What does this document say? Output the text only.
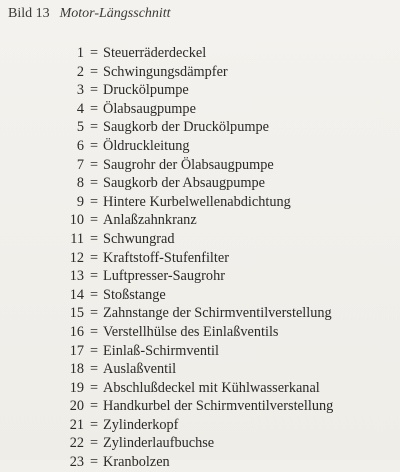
Bild 13 Motor-Längsschnitt
1 = Steuerräderdeckel
2 = Schwingungsdämpfer
3 = Druckölpumpe
4 = Ölabsaugpumpe
5 = Saugkorb der Druckölpumpe
6 = Öldruckleitung
7 = Saugrohr der Ölabsaugpumpe
8 = Saugkorb der Absaugpumpe
9 = Hintere Kurbelwellenabdichtung
10 = Anlaßzahnkranz
11 = Schwungrad
12 = Kraftstoff-Stufenfilter
13 = Luftpresser-Saugrohr
14 = Stoßstange
15 = Zahnstange der Schirmventilverstellung
16 = Verstellhülse des Einlaßventils
17 = Einlaß-Schirmventil
18 = Auslaßventil
19 = Abschlußdeckel mit Kühlwasserkanal
20 = Handkurbel der Schirmventilverstellung
21 = Zylinderkopf
22 = Zylinderlaufbuchse
23 = Kranbolzen
